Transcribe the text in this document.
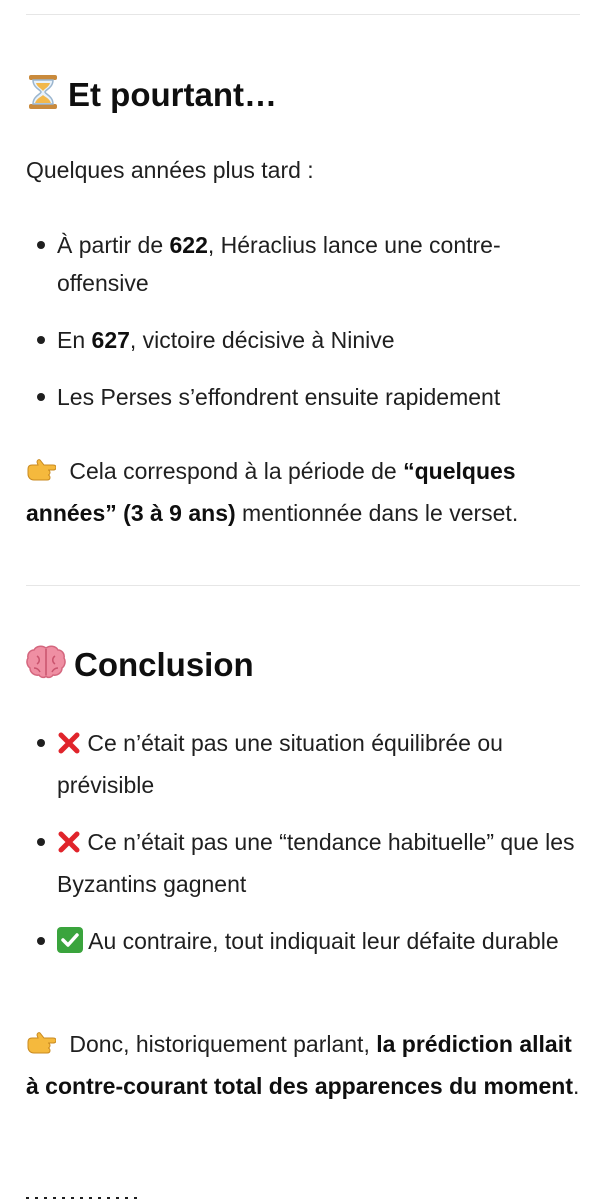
Et pourtant…

Quelques années plus tard :

À partir de 622, Héraclius lance une contre-offensive
En 627, victoire décisive à Ninive
Les Perses s’effondrent ensuite rapidement

Cela correspond à la période de “quelques années” (3 à 9 ans) mentionnée dans le verset.

Conclusion
Ce n’était pas une situation équilibrée ou prévisible
Ce n’était pas une “tendance habituelle” que les Byzantins gagnent
Au contraire, tout indiquait leur défaite durable

Donc, historiquement parlant, la prédiction allait à contre-courant total des apparences du moment.
